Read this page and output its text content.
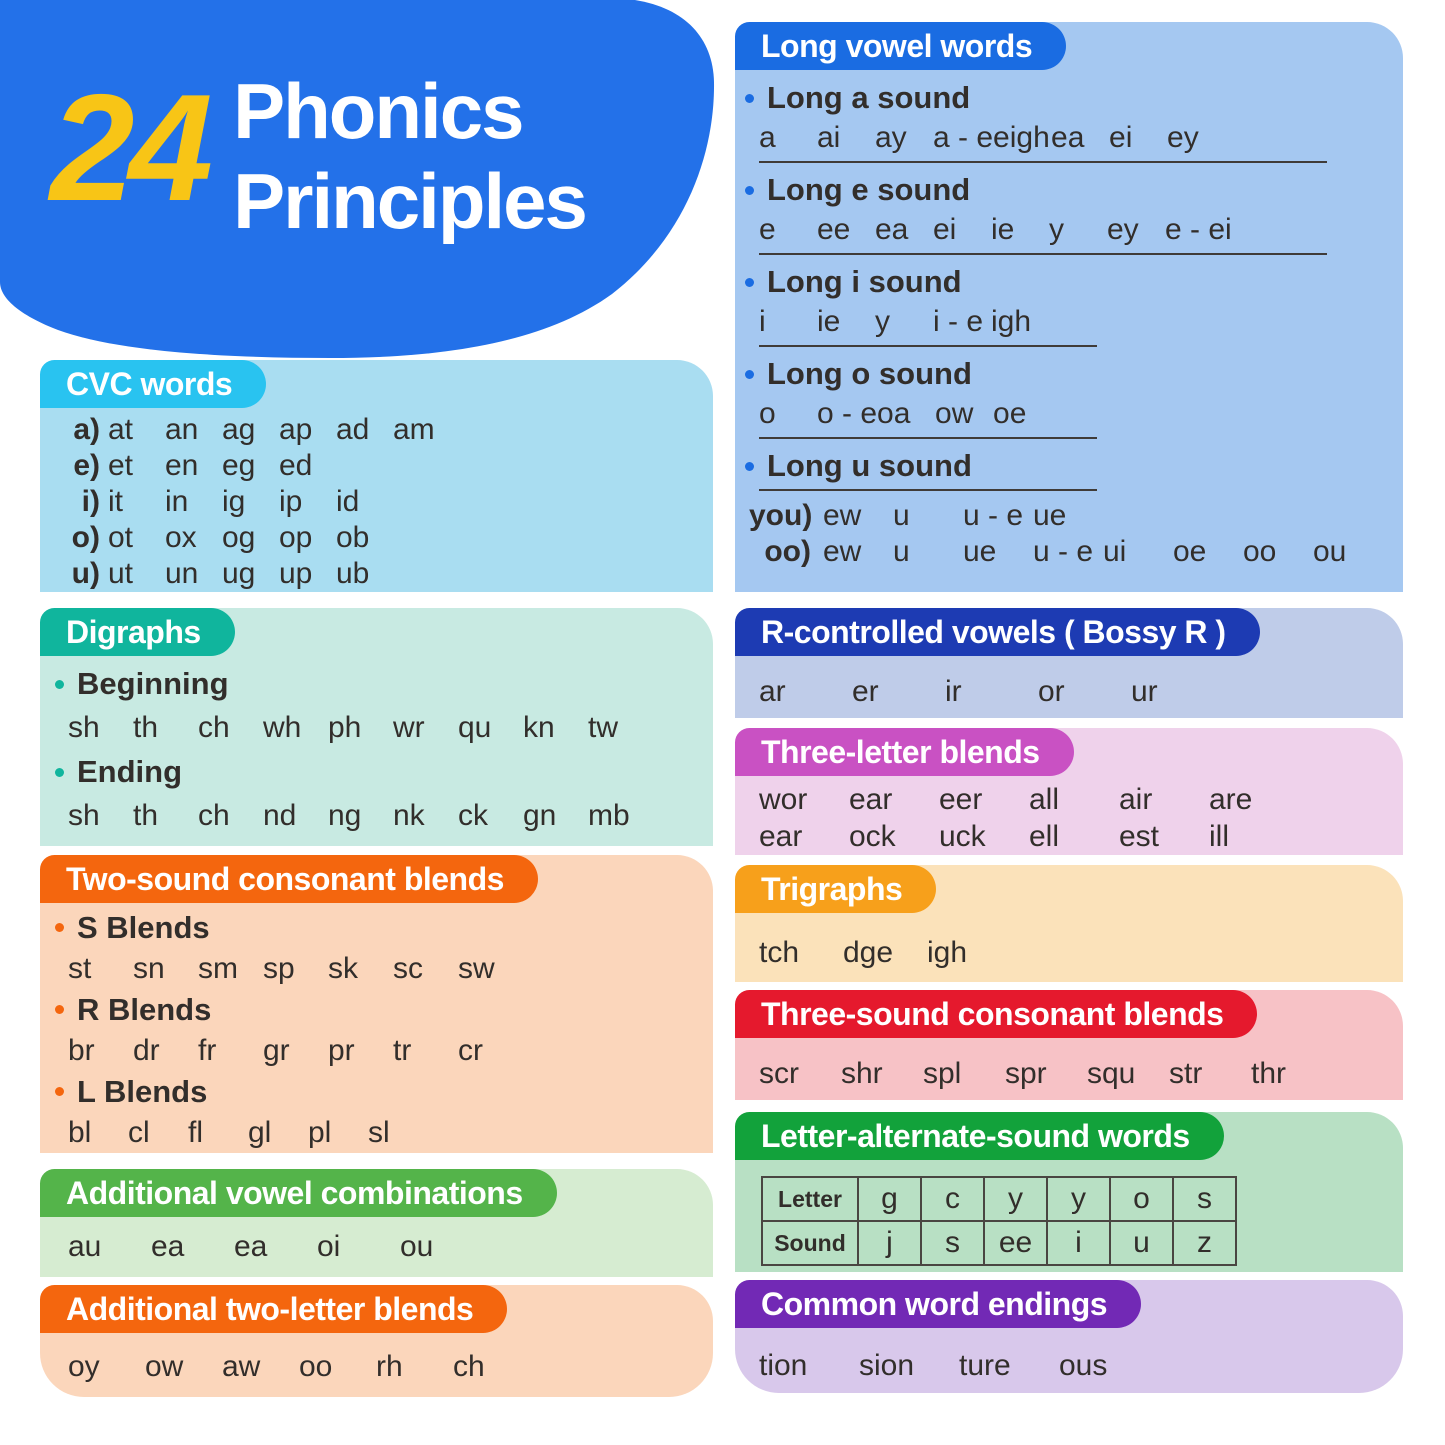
24 Phonics
Principles
CVC words
a) at	an ag ap ad am
e) et	en eg ed
i) it	in	ig	ip	id
o) ot	ox og op ob
u) ut	un ug up ub
Digraphs
Beginning
sh	th	ch	wh ph	wr	qu	kn	tw
Ending
sh	th	ch	nd	ng	nk	ck	gn	mb
Two-sound consonant blends
S Blends
st	sn	sm sp	sk	sc	sw
R Blends
br	dr	fr	gr	pr	tr	cr
L Blends
bl	cl	fl	gl	pl	sl
Additional vowel combinations
au	ea	ea	oi	ou
Additional two-letter blends
oy	ow	aw	oo	rh	ch
Long vowel words
Long a sound
a	ai	ay a - e eigh ea ei	ey
Long e sound
e	ee ea ei	ie	y	ey e - e i
Long i sound
i	ie	y	i - e igh
Long o sound
o	o - e oa ow oe
Long u sound
you) ew	u	u - e ue
oo) ew	u	ue	u - e ui	oe	oo	ou
R-controlled vowels ( Bossy R )
ar	er	ir	or	ur
Three-letter blends
wor	ear	eer	all	air	are
ear	ock	uck	ell	est	ill
Trigraphs
tch	dge	igh
Three-sound consonant blends
scr	shr	spl	spr	squ	str	thr
Letter-alternate-sound words
Letter	g	c	y	y	o	s
Sound	j	s	ee	i	u	z
Common word endings
tion	sion	ture	ous
